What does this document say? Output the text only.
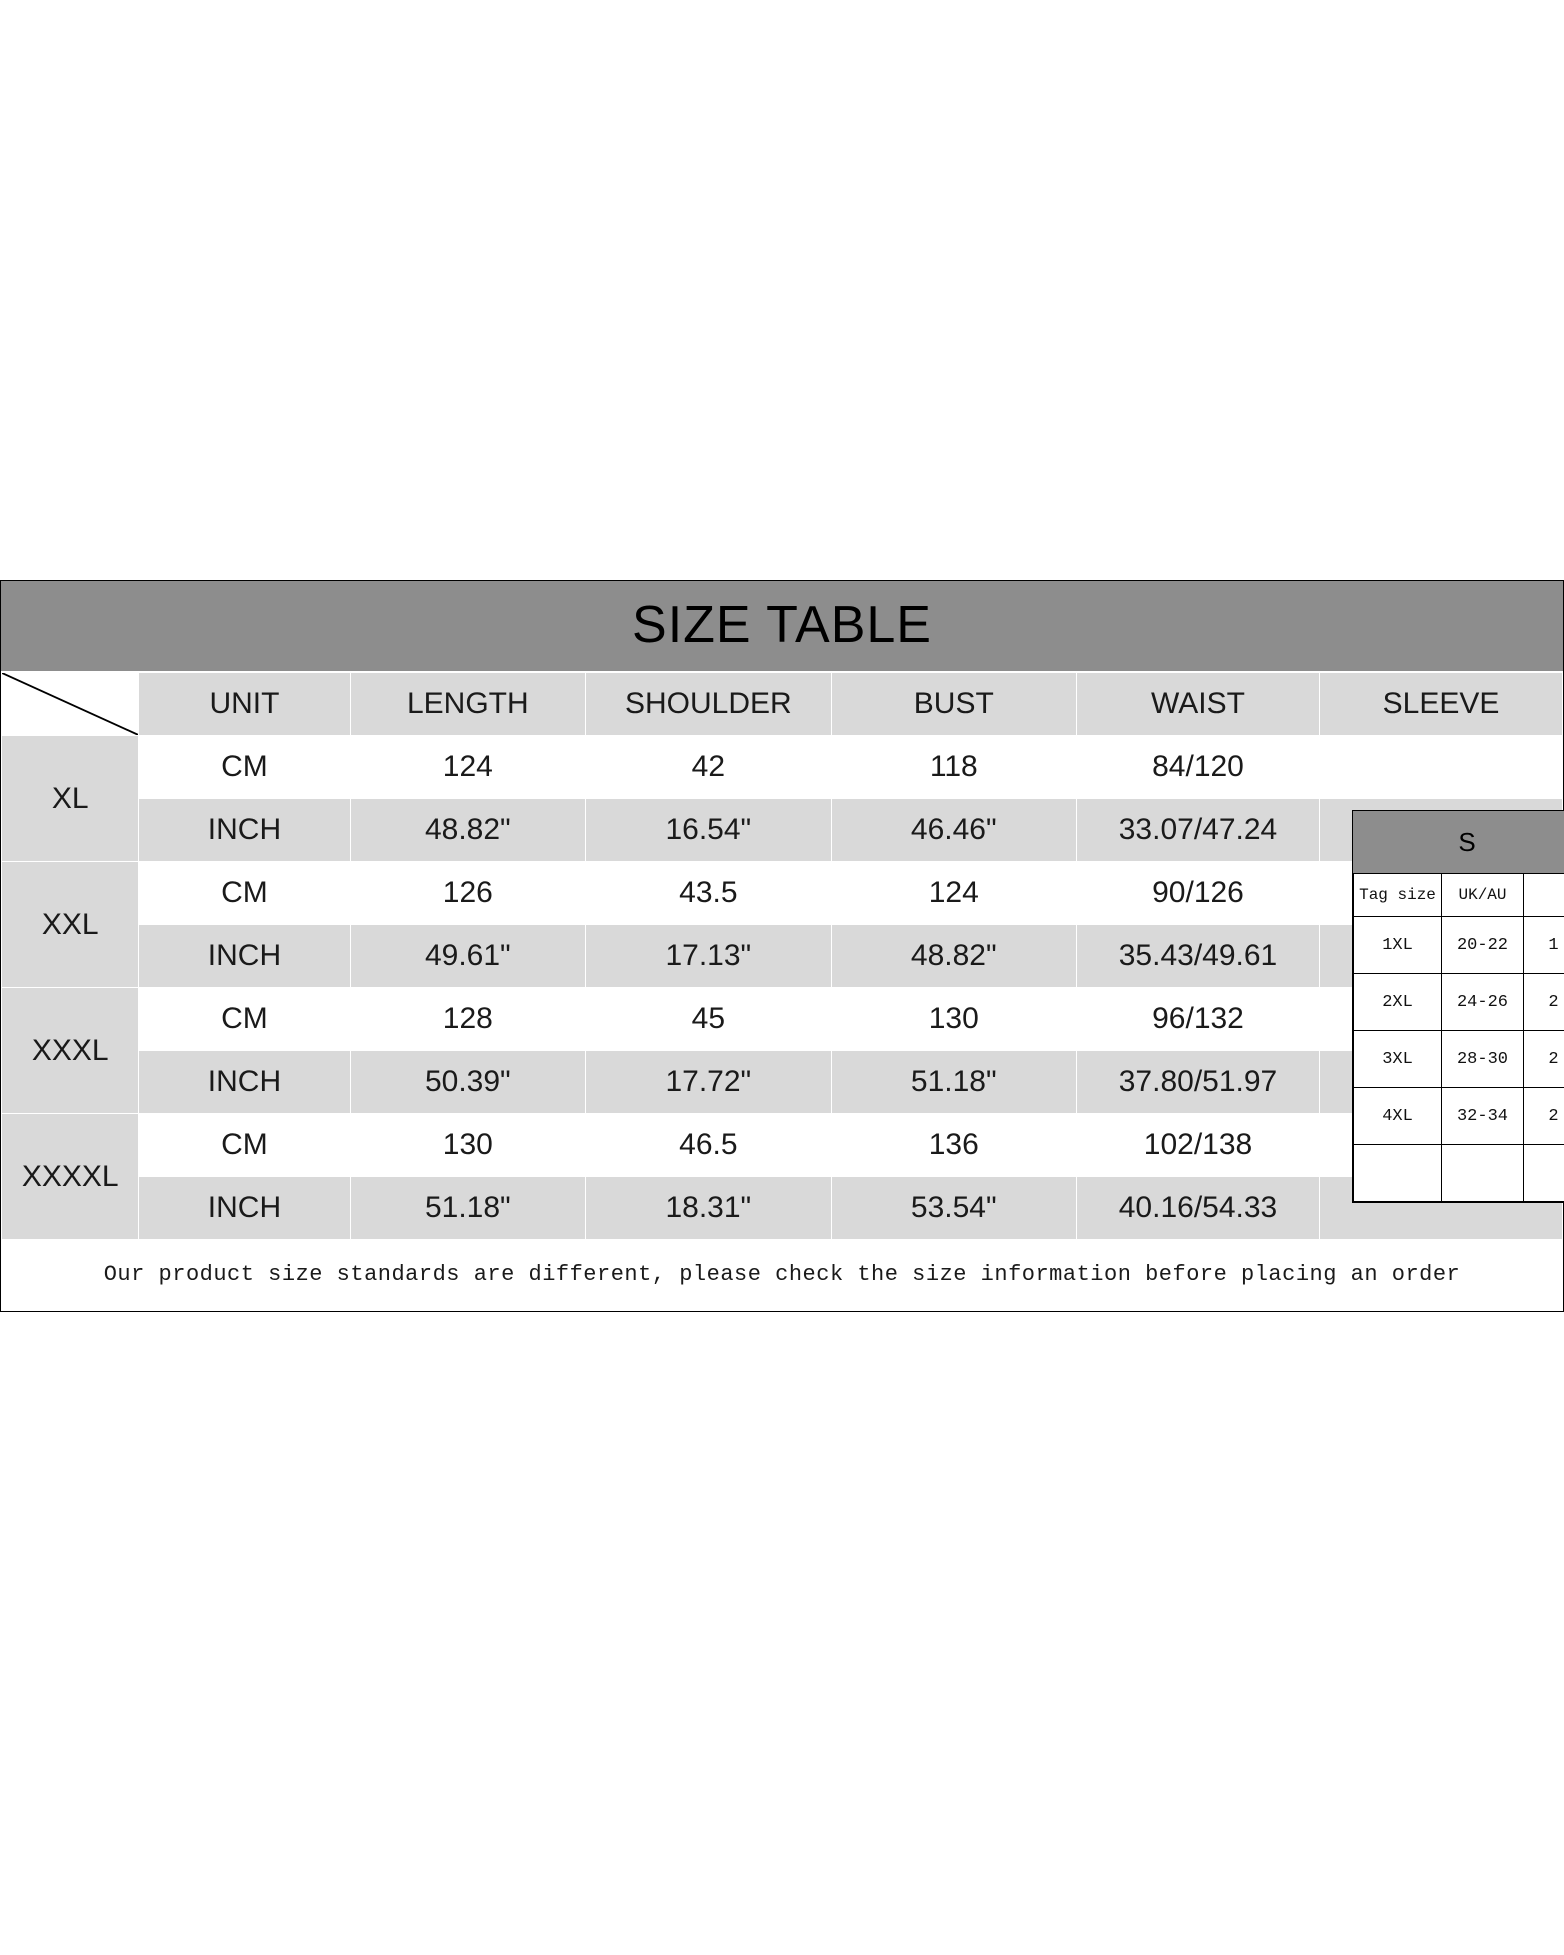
SIZE TABLE
	UNIT	LENGTH	SHOULDER	BUST	WAIST	SLEEVE
XL	CM	124	42	118	84/120	
	INCH	48.82"	16.54"	46.46"	33.07/47.24	
XXL	CM	126	43.5	124	90/126	
	INCH	49.61"	17.13"	48.82"	35.43/49.61	
XXXL	CM	128	45	130	96/132	
	INCH	50.39"	17.72"	51.18"	37.80/51.97	
XXXXL	CM	130	46.5	136	102/138	
	INCH	51.18"	18.31"	53.54"	40.16/54.33	
Our product size standards are different, please check the size information before placing an order
S
Tag size	UK/AU	
1XL	20-22	1
2XL	24-26	2
3XL	28-30	2
4XL	32-34	2
